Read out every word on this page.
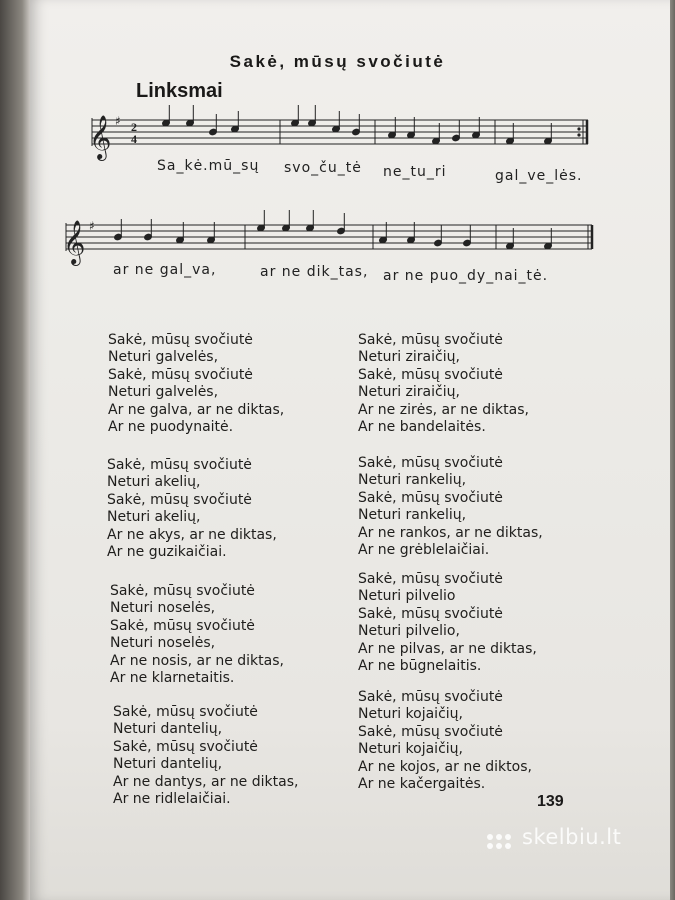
Sakė, mūsų svočiutė
Linksmai
𝄞
𝄞
♯
♯
2
4
Sa_kė.mū_sų svo_ču_tė ne_tu_ri	gal_ve_lės.
ar ne gal_va,	ar ne dik_tas, ar ne puo_dy_nai_tė.
Sakė, mūsų svočiutė
Neturi galvelės,
Sakė, mūsų svočiutė
Neturi galvelės,
Ar ne galva, ar ne diktas,
Ar ne puodynaitė.
Sakė, mūsų svočiutė
Neturi akelių,
Sakė, mūsų svočiutė
Neturi akelių,
Ar ne akys, ar ne diktas,
Ar ne guzikaičiai.
Sakė, mūsų svočiutė
Neturi noselės,
Sakė, mūsų svočiutė
Neturi noselės,
Ar ne nosis, ar ne diktas,
Ar ne klarnetaitis.
Sakė, mūsų svočiutė
Neturi dantelių,
Sakė, mūsų svočiutė
Neturi dantelių,
Ar ne dantys, ar ne diktas,
Ar ne ridlelaičiai.
Sakė, mūsų svočiutė
Neturi ziraičių,
Sakė, mūsų svočiutė
Neturi ziraičių,
Ar ne zirės, ar ne diktas,
Ar ne bandelaitės.
Sakė, mūsų svočiutė
Neturi rankelių,
Sakė, mūsų svočiutė
Neturi rankelių,
Ar ne rankos, ar ne diktas,
Ar ne grėblelaičiai.
Sakė, mūsų svočiutė
Neturi pilvelio
Sakė, mūsų svočiutė
Neturi pilvelio,
Ar ne pilvas, ar ne diktas,
Ar ne būgnelaitis.
Sakė, mūsų svočiutė
Neturi kojaičių,
Sakė, mūsų svočiutė
Neturi kojaičių,
Ar ne kojos, ar ne diktos,
Ar ne kačergaitės.
139
skelbiu.lt
